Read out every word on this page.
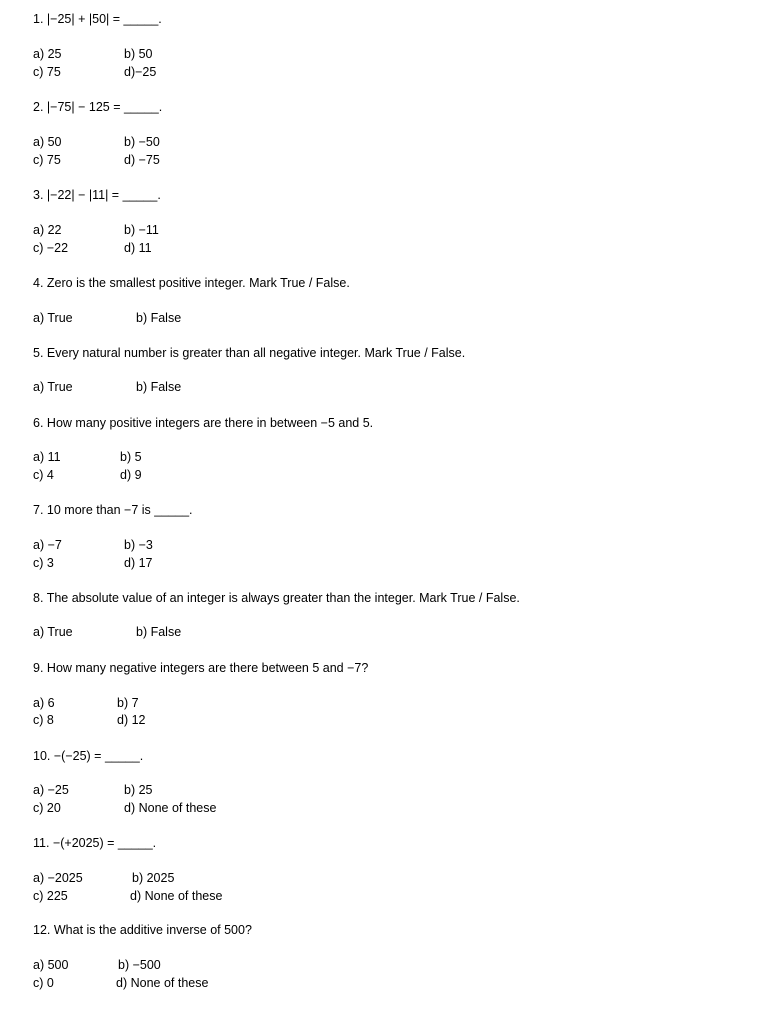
1. |−25| + |50| = _____.
a) 25	b) 50
c) 75	d)−25
2. |−75| − 125 = _____.
a) 50	b) −50
c) 75	d) −75
3. |−22| − |11| = _____.
a) 22	b) −11
c) −22	d) 11
4. Zero is the smallest positive integer. Mark True / False.
a) True	b) False
5. Every natural number is greater than all negative integer. Mark True / False.
a) True	b) False
6. How many positive integers are there in between −5 and 5.
a) 11	b) 5
c) 4	d) 9
7. 10 more than −7 is _____.
a) −7	b) −3
c) 3	d) 17
8. The absolute value of an integer is always greater than the integer. Mark True / False.
a) True	b) False
9. How many negative integers are there between 5 and −7?
a) 6	b) 7
c) 8	d) 12
10. −(−25) = _____.
a) −25	b) 25
c) 20	d) None of these
11. −(+2025) = _____.
a) −2025	b) 2025
c) 225	d) None of these
12. What is the additive inverse of 500?
a) 500	b) −500
c) 0	d) None of these
